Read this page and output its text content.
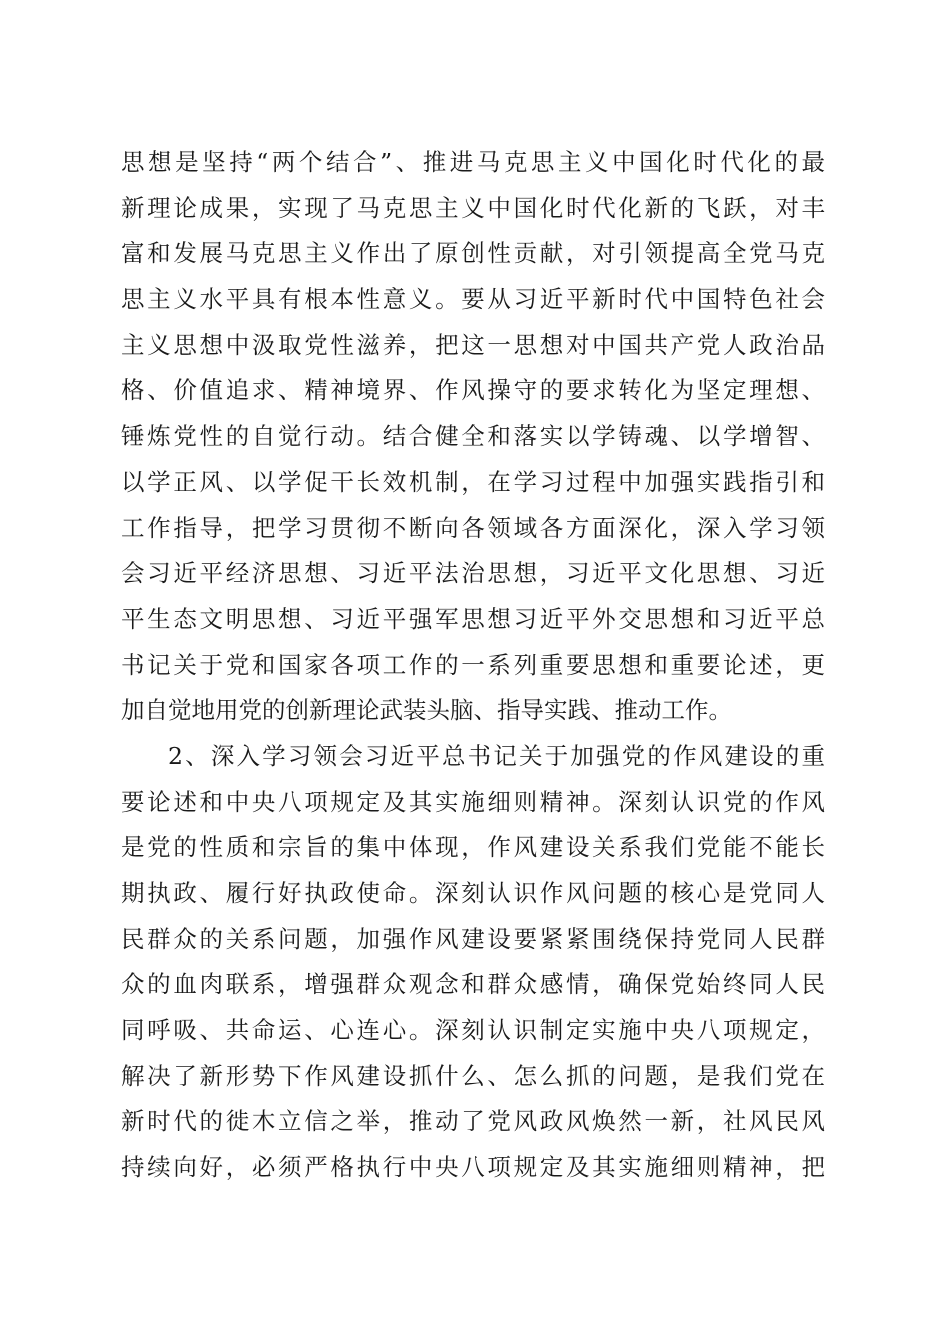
思想是坚持“两个结合”、推进马克思主义中国化时代化的最
新理论成果，实现了马克思主义中国化时代化新的飞跃，对丰
富和发展马克思主义作出了原创性贡献，对引领提高全党马克
思主义水平具有根本性意义。要从习近平新时代中国特色社会
主义思想中汲取党性滋养，把这一思想对中国共产党人政治品
格、价值追求、精神境界、作风操守的要求转化为坚定理想、
锤炼党性的自觉行动。结合健全和落实以学铸魂、以学增智、
以学正风、以学促干长效机制，在学习过程中加强实践指引和
工作指导，把学习贯彻不断向各领域各方面深化，深入学习领
会习近平经济思想、习近平法治思想，习近平文化思想、习近
平生态文明思想、习近平强军思想习近平外交思想和习近平总
书记关于党和国家各项工作的一系列重要思想和重要论述，更
加自觉地用党的创新理论武装头脑、指导实践、推动工作。
2、深入学习领会习近平总书记关于加强党的作风建设的重
要论述和中央八项规定及其实施细则精神。深刻认识党的作风
是党的性质和宗旨的集中体现，作风建设关系我们党能不能长
期执政、履行好执政使命。深刻认识作风问题的核心是党同人
民群众的关系问题，加强作风建设要紧紧围绕保持党同人民群
众的血肉联系，增强群众观念和群众感情，确保党始终同人民
同呼吸、共命运、心连心。深刻认识制定实施中央八项规定，
解决了新形势下作风建设抓什么、怎么抓的问题，是我们党在
新时代的徙木立信之举，推动了党风政风焕然一新，社风民风
持续向好，必须严格执行中央八项规定及其实施细则精神，把
